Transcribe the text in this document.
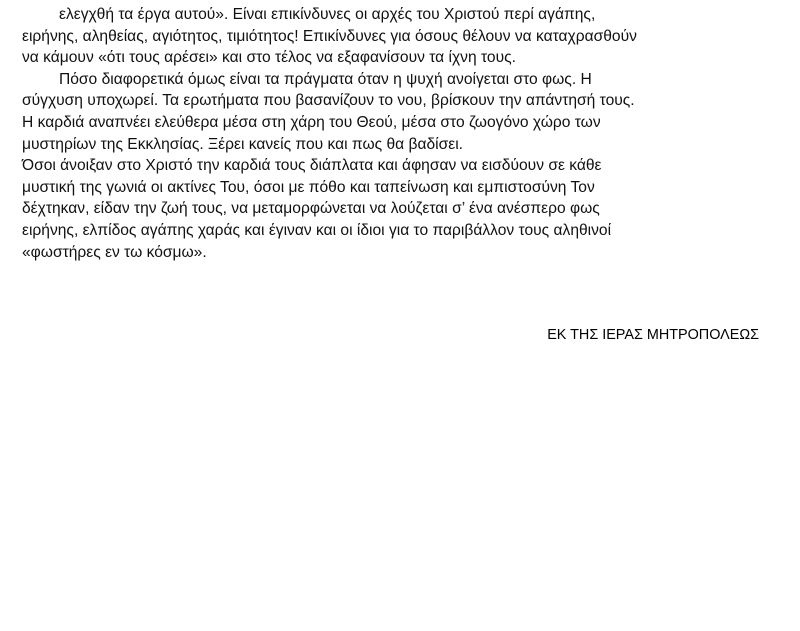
ελεγχθή τα έργα αυτού». Είναι επικίνδυνες οι αρχές του Χριστού περί αγάπης,
ειρήνης, αληθείας, αγιότητος, τιμιότητος! Επικίνδυνες για όσους θέλουν να καταχρασθούν
να κάμουν «ότι τους αρέσει» και στο τέλος να εξαφανίσουν τα ίχνη τους.
Πόσο διαφορετικά όμως είναι τα πράγματα όταν η ψυχή ανοίγεται στο φως. Η
σύγχυση υποχωρεί. Τα ερωτήματα που βασανίζουν το νου, βρίσκουν την απάντησή τους.
Η καρδιά αναπνέει ελεύθερα μέσα στη χάρη του Θεού, μέσα στο ζωογόνο χώρο των
μυστηρίων της Εκκλησίας. Ξέρει κανείς που και πως θα βαδίσει.
Όσοι άνοιξαν στο Χριστό την καρδιά τους διάπλατα και άφησαν να εισδύουν σε κάθε
μυστική της γωνιά οι ακτίνες Του, όσοι με πόθο και ταπείνωση και εμπιστοσύνη Τον
δέχτηκαν, είδαν την ζωή τους, να μεταμορφώνεται να λούζεται σ’ ένα ανέσπερο φως
ειρήνης, ελπίδος αγάπης χαράς και έγιναν και οι ίδιοι για το παριβάλλον τους αληθινοί
«φωστήρες εν τω κόσμω».
ΕΚ ΤΗΣ ΙΕΡΑΣ ΜΗΤΡΟΠΟΛΕΩΣ
